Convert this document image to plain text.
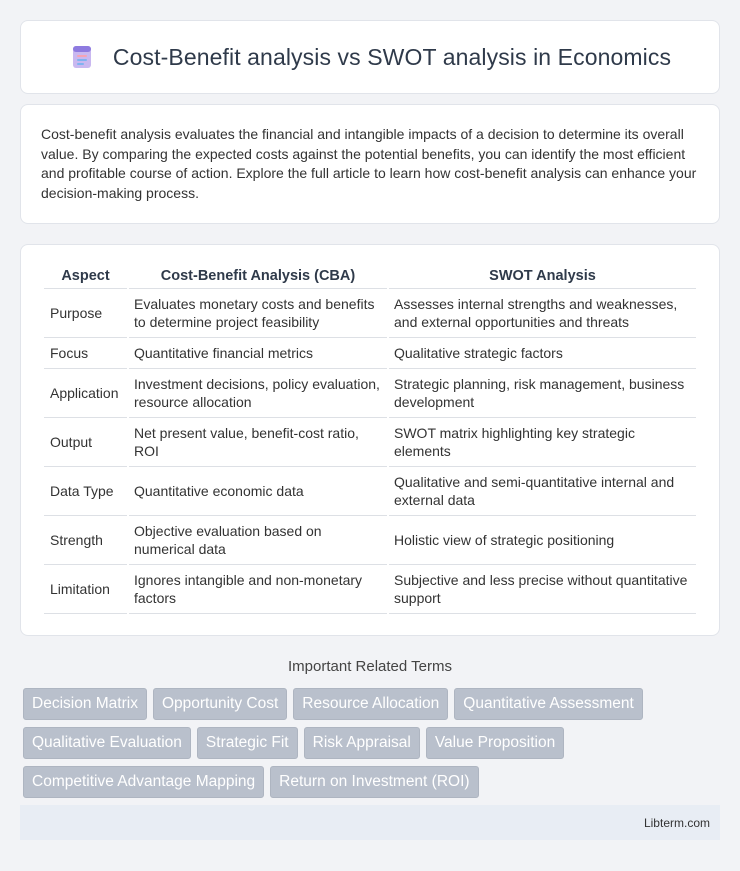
Cost-Benefit analysis vs SWOT analysis in Economics

Cost-benefit analysis evaluates the financial and intangible impacts of a decision to determine its overall value. By comparing the expected costs against the potential benefits, you can identify the most efficient and profitable course of action. Explore the full article to learn how cost-benefit analysis can enhance your decision-making process.

Aspect	Cost-Benefit Analysis (CBA)	SWOT Analysis
Purpose	Evaluates monetary costs and benefits to determine project feasibility	Assesses internal strengths and weaknesses, and external opportunities and threats
Focus	Quantitative financial metrics	Qualitative strategic factors
Application	Investment decisions, policy evaluation, resource allocation	Strategic planning, risk management, business development
Output	Net present value, benefit-cost ratio, ROI	SWOT matrix highlighting key strategic elements
Data Type	Quantitative economic data	Qualitative and semi-quantitative internal and external data
Strength	Objective evaluation based on numerical data	Holistic view of strategic positioning
Limitation	Ignores intangible and non-monetary factors	Subjective and less precise without quantitative support
Important Related Terms
Decision Matrix	Opportunity Cost	Resource Allocation	Quantitative Assessment
Qualitative Evaluation	Strategic Fit	Risk Appraisal	Value Proposition
Competitive Advantage Mapping	Return on Investment (ROI)
Libterm.com
